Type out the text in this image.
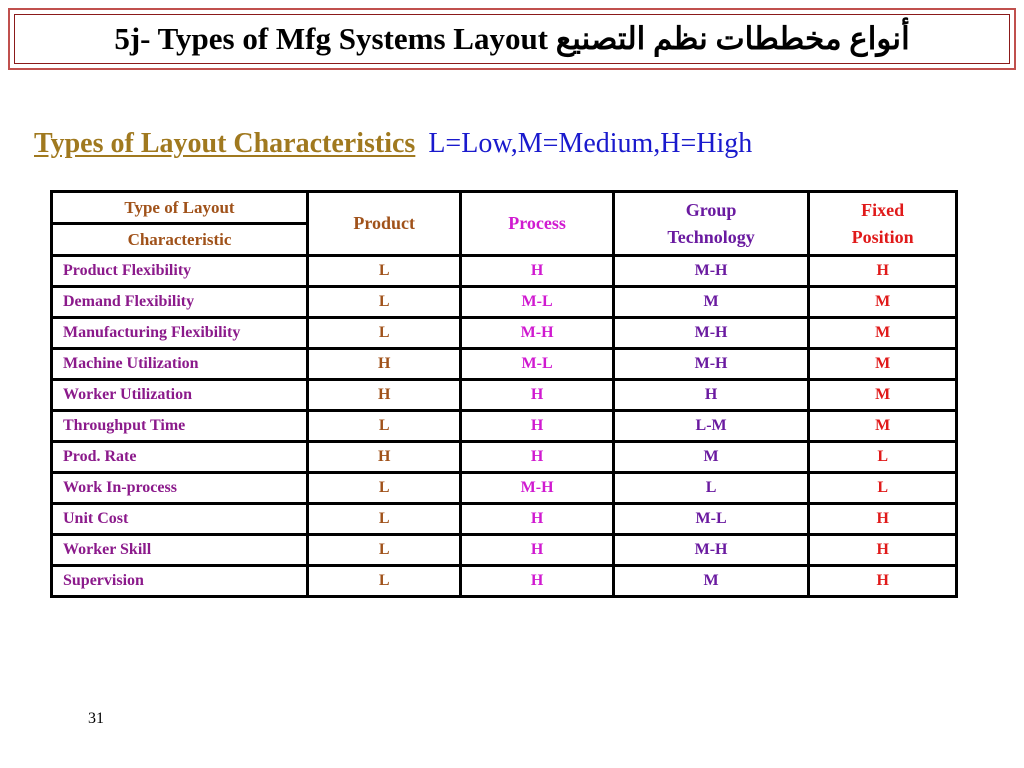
5j- Types of Mfg Systems Layout أنواع مخططات نظم التصنيع
Types of Layout Characteristics L=Low,M=Medium,H=High
Type of Layout	Product	Process	Group Technology	Fixed Position
Characteristic				
Product Flexibility	L	H	M-H	H
Demand Flexibility	L	M-L	M	M
Manufacturing Flexibility	L	M-H	M-H	M
Machine Utilization	H	M-L	M-H	M
Worker Utilization	H	H	H	M
Throughput Time	L	H	L-M	M
Prod. Rate	H	H	M	L
Work In-process	L	M-H	L	L
Unit Cost	L	H	M-L	H
Worker Skill	L	H	M-H	H
Supervision	L	H	M	H
31
